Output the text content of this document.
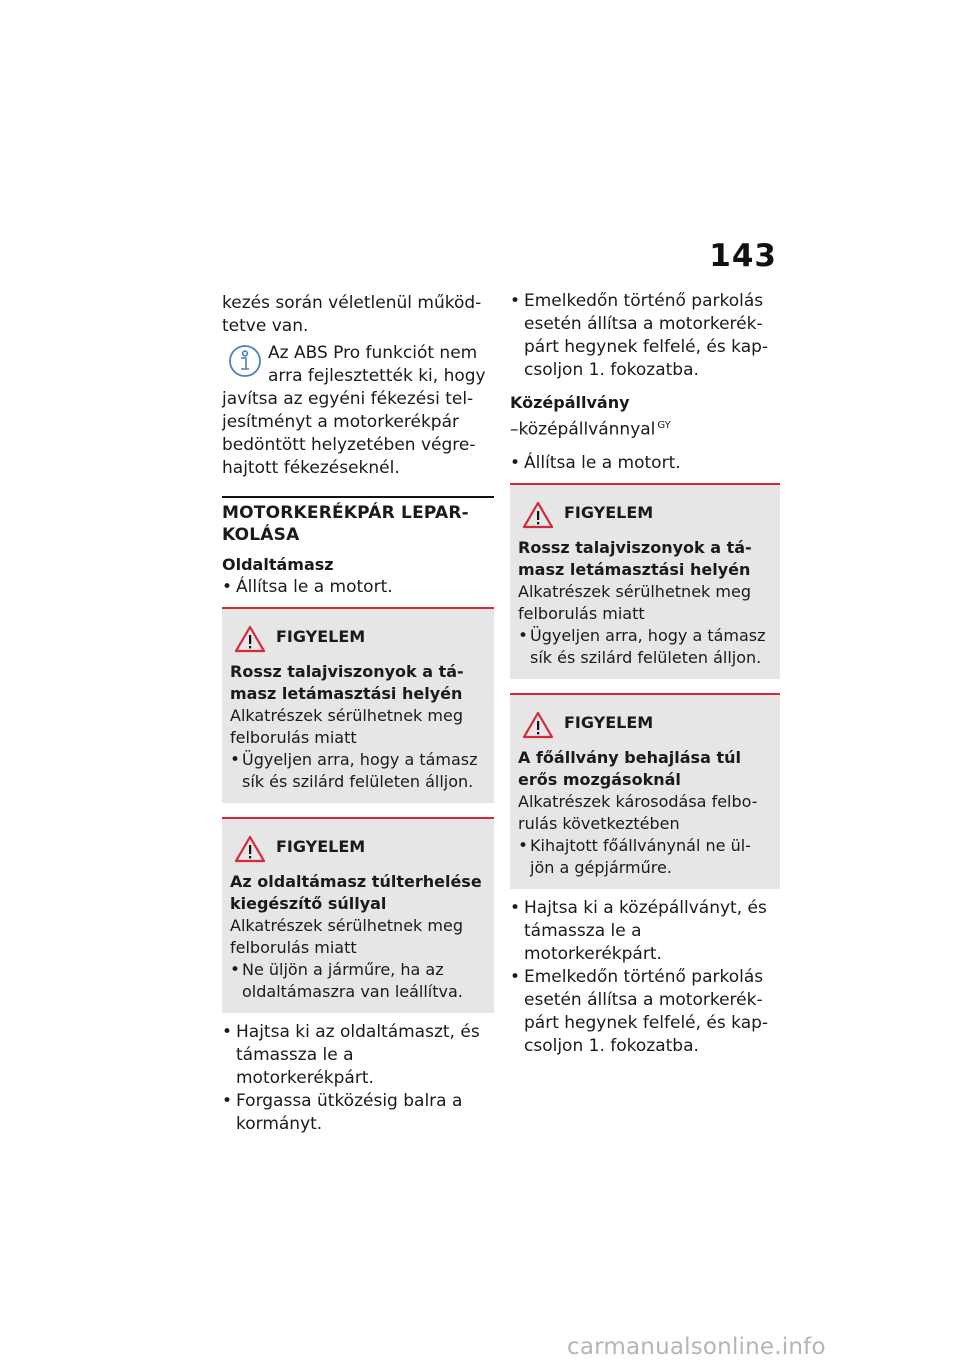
143

kezés során véletlenül működ-

tetve van.

Az ABS Pro funkciót nem

arra fejlesztették ki, hogy

javítsa az egyéni fékezési tel-

jesítményt a motorkerékpár

bedöntött helyzetében végre-

hajtott fékezéseknél.

MOTORKERÉKPÁR LEPAR-
KOLÁSA
Oldaltámasz
• Állítsa le a motort.
FIGYELEM
Rossz talajviszonyok a tá-
masz letámasztási helyén
Alkatrészek sérülhetnek meg
felborulás miatt
• Ügyeljen arra, hogy a támasz
sík és szilárd felületen álljon.
FIGYELEM
Az oldaltámasz túlterhelése
kiegészítő súllyal
Alkatrészek sérülhetnek meg
felborulás miatt
• Ne üljön a járműre, ha az
oldaltámaszra van leállítva.
• Hajtsa ki az oldaltámaszt, és
támassza le a motorkerékpárt.
• Forgassa ütközésig balra a
kormányt.
• Emelkedőn történő parkolás
esetén állítsa a motorkerék-
párt hegynek felfelé, és kap-
csoljon 1. fokozatba.
Középállvány
–középállvánnyal $^{GY}$
• Állítsa le a motort.
FIGYELEM
Rossz talajviszonyok a tá-
masz letámasztási helyén
Alkatrészek sérülhetnek meg
felborulás miatt
• Ügyeljen arra, hogy a támasz
sík és szilárd felületen álljon.
FIGYELEM
A főállvány behajlása túl
erős mozgásoknál
Alkatrészek károsodása felbo-
rulás következtében
• Kihajtott főállványnál ne ül-
jön a gépjárműre.
• Hajtsa ki a középállványt, és
támassza le a motorkerékpárt.
• Emelkedőn történő parkolás
esetén állítsa a motorkerék-
párt hegynek felfelé, és kap-
csoljon 1. fokozatba.
carmanualsonline.info
